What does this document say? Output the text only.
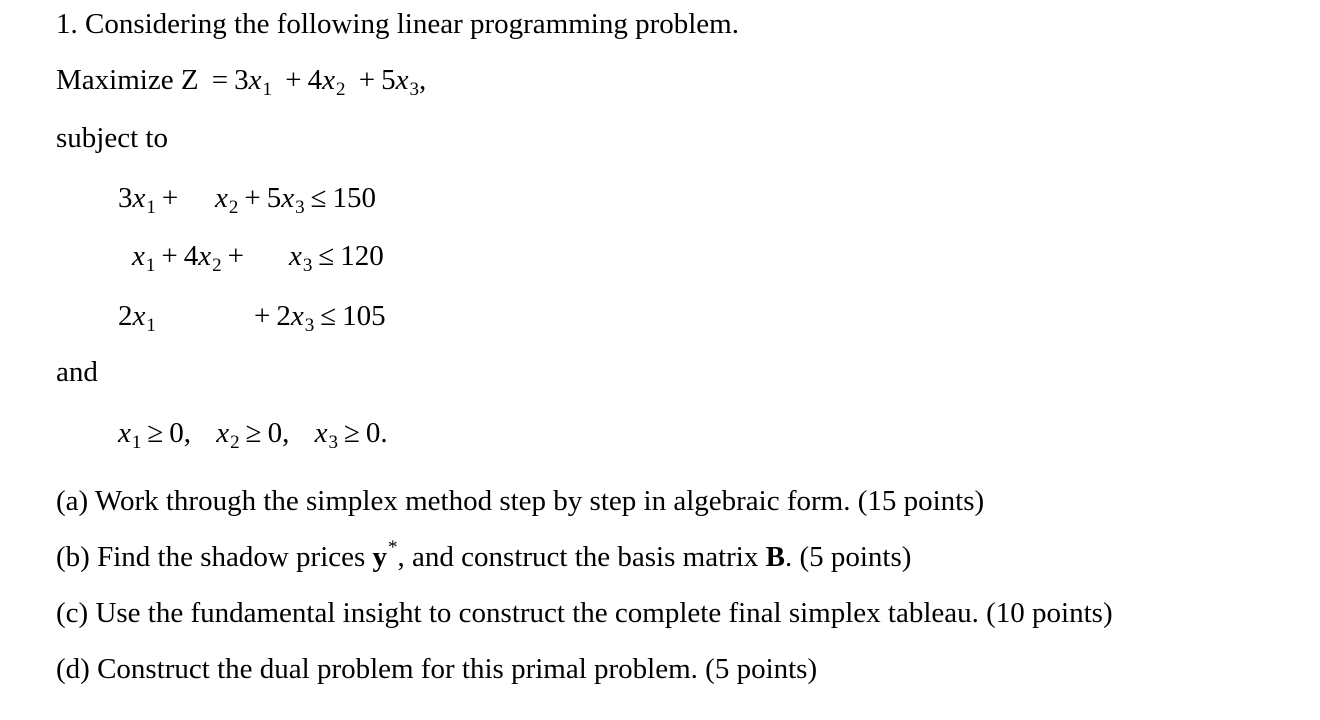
1. Considering the following linear programming problem.
Maximize $Z = 3x_1 + 4x_2 + 5x_3$,
subject to
$3x_1 + x_2 + 5x_3 \le 150$
$x_1 + 4x_2 + x_3 \le 120$
$2x_1$	+ $2x_3 \le 105$
and
$x_1 \ge 0$, $x_2 \ge 0$, $x_3 \ge 0$.
(a) Work through the simplex method step by step in algebraic form. (15 points)
(b) Find the shadow prices y*, and construct the basis matrix B. (5 points)
(c) Use the fundamental insight to construct the complete final simplex tableau. (10 points)
(d) Construct the dual problem for this primal problem. (5 points)
